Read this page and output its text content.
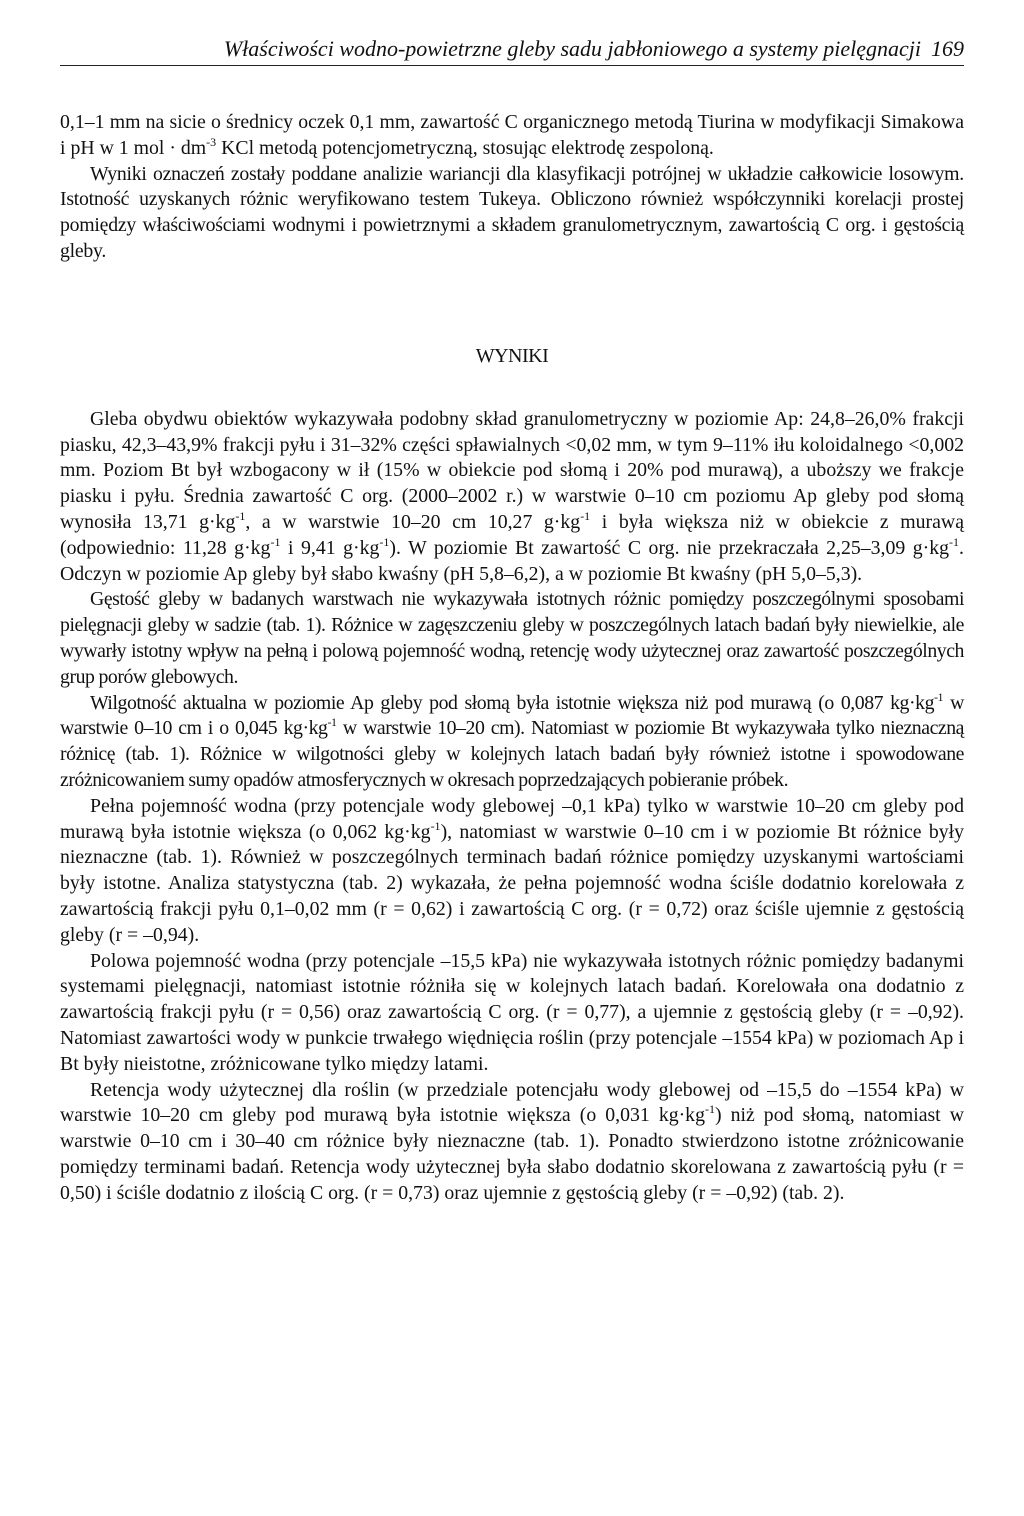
Właściwości wodno-powietrzne gleby sadu jabłoniowego a systemy pielęgnacji 169

0,1–1 mm na sicie o średnicy oczek 0,1 mm, zawartość C organicznego metodą Tiurina w modyfikacji Simakowa i pH w 1 mol · $dm^{-3}$ KCl metodą potencjometryczną, stosując elektrodę zespoloną.

Wyniki oznaczeń zostały poddane analizie wariancji dla klasyfikacji potrójnej w układzie całkowicie losowym. Istotność uzyskanych różnic weryfikowano testem Tukeya. Obliczono również współczynniki korelacji prostej pomiędzy właściwościami wodnymi i powietrznymi a składem granulometrycznym, zawartością C org. i gęstością gleby.

WYNIKI

Gleba obydwu obiektów wykazywała podobny skład granulometryczny w poziomie Ap: 24,8–26,0% frakcji piasku, 42,3–43,9% frakcji pyłu i 31–32% części spławialnych <0,02 mm, w tym 9–11% iłu koloidalnego <0,002 mm. Poziom Bt był wzbogacony w ił (15% w obiekcie pod słomą i 20% pod murawą), a uboższy we frakcje piasku i pyłu. Średnia zawartość C org. (2000–2002 r.) w warstwie 0–10 cm poziomu Ap gleby pod słomą wynosiła 13,71 $g\cdot kg^{-1}$, a w warstwie 10–20 cm 10,27 $g\cdot kg^{-1}$ i była większa niż w obiekcie z murawą (odpowiednio: 11,28 $g\cdot kg^{-1}$ i 9,41 $g\cdot kg^{-1}$). W poziomie Bt zawartość C org. nie przekraczała 2,25–3,09 $g\cdot kg^{-1}$. Odczyn w poziomie Ap gleby był słabo kwaśny (pH 5,8–6,2), a w poziomie Bt kwaśny (pH 5,0–5,3).

Gęstość gleby w badanych warstwach nie wykazywała istotnych różnic pomiędzy poszczególnymi sposobami pielęgnacji gleby w sadzie (tab. 1). Różnice w zagęszczeniu gleby w poszczególnych latach badań były niewielkie, ale wywarły istotny wpływ na pełną i polową pojemność wodną, retencję wody użytecznej oraz zawartość poszczególnych grup porów glebowych.

Wilgotność aktualna w poziomie Ap gleby pod słomą była istotnie większa niż pod murawą (o 0,087 $kg\cdot kg^{-1}$ w warstwie 0–10 cm i o 0,045 $kg\cdot kg^{-1}$ w warstwie 10–20 cm). Natomiast w poziomie Bt wykazywała tylko nieznaczną różnicę (tab. 1). Różnice w wilgotności gleby w kolejnych latach badań były również istotne i spowodowane zróżnicowaniem sumy opadów atmosferycznych w okresach poprzedzających pobieranie próbek.

Pełna pojemność wodna (przy potencjale wody glebowej –0,1 kPa) tylko w warstwie 10–20 cm gleby pod murawą była istotnie większa (o 0,062 $kg\cdot kg^{-1}$), natomiast w warstwie 0–10 cm i w poziomie Bt różnice były nieznaczne (tab. 1). Również w poszczególnych terminach badań różnice pomiędzy uzyskanymi wartościami były istotne. Analiza statystyczna (tab. 2) wykazała, że pełna pojemność wodna ściśle dodatnio korelowała z zawartością frakcji pyłu 0,1–0,02 mm (r = 0,62) i zawartością C org. (r = 0,72) oraz ściśle ujemnie z gęstością gleby (r = –0,94).

Polowa pojemność wodna (przy potencjale –15,5 kPa) nie wykazywała istotnych różnic pomiędzy badanymi systemami pielęgnacji, natomiast istotnie różniła się w kolejnych latach badań. Korelowała ona dodatnio z zawartością frakcji pyłu (r = 0,56) oraz zawartością C org. (r = 0,77), a ujemnie z gęstością gleby (r = –0,92). Natomiast zawartości wody w punkcie trwałego więdnięcia roślin (przy potencjale –1554 kPa) w poziomach Ap i Bt były nieistotne, zróżnicowane tylko między latami.

Retencja wody użytecznej dla roślin (w przedziale potencjału wody glebowej od –15,5 do –1554 kPa) w warstwie 10–20 cm gleby pod murawą była istotnie większa (o 0,031 $kg\cdot kg^{-1}$) niż pod słomą, natomiast w warstwie 0–10 cm i 30–40 cm różnice były nieznaczne (tab. 1). Ponadto stwierdzono istotne zróżnicowanie pomiędzy terminami badań. Retencja wody użytecznej była słabo dodatnio skorelowana z zawartością pyłu (r = 0,50) i ściśle dodatnio z ilością C org. (r = 0,73) oraz ujemnie z gęstością gleby (r = –0,92) (tab. 2).
